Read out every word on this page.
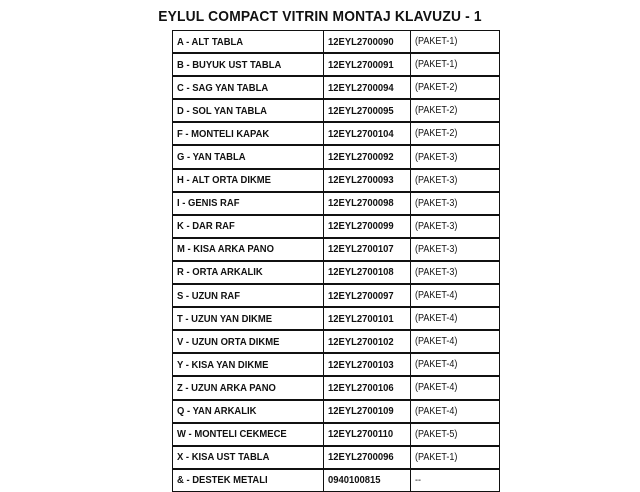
EYLUL COMPACT VITRIN MONTAJ KLAVUZU - 1
A - ALT TABLA	12EYL2700090	(PAKET-1)
B - BUYUK UST TABLA	12EYL2700091	(PAKET-1)
C - SAG YAN TABLA	12EYL2700094	(PAKET-2)
D - SOL YAN TABLA	12EYL2700095	(PAKET-2)
F - MONTELI KAPAK	12EYL2700104	(PAKET-2)
G - YAN TABLA	12EYL2700092	(PAKET-3)
H - ALT ORTA DIKME	12EYL2700093	(PAKET-3)
I - GENIS RAF	12EYL2700098	(PAKET-3)
K - DAR RAF	12EYL2700099	(PAKET-3)
M - KISA ARKA PANO	12EYL2700107	(PAKET-3)
R - ORTA ARKALIK	12EYL2700108	(PAKET-3)
S - UZUN RAF	12EYL2700097	(PAKET-4)
T - UZUN YAN DIKME	12EYL2700101	(PAKET-4)
V - UZUN ORTA DIKME	12EYL2700102	(PAKET-4)
Y - KISA YAN DIKME	12EYL2700103	(PAKET-4)
Z - UZUN ARKA PANO	12EYL2700106	(PAKET-4)
Q - YAN ARKALIK	12EYL2700109	(PAKET-4)
W - MONTELI CEKMECE	12EYL2700110	(PAKET-5)
X - KISA UST TABLA	12EYL2700096	(PAKET-1)
& - DESTEK METALI	0940100815	--
